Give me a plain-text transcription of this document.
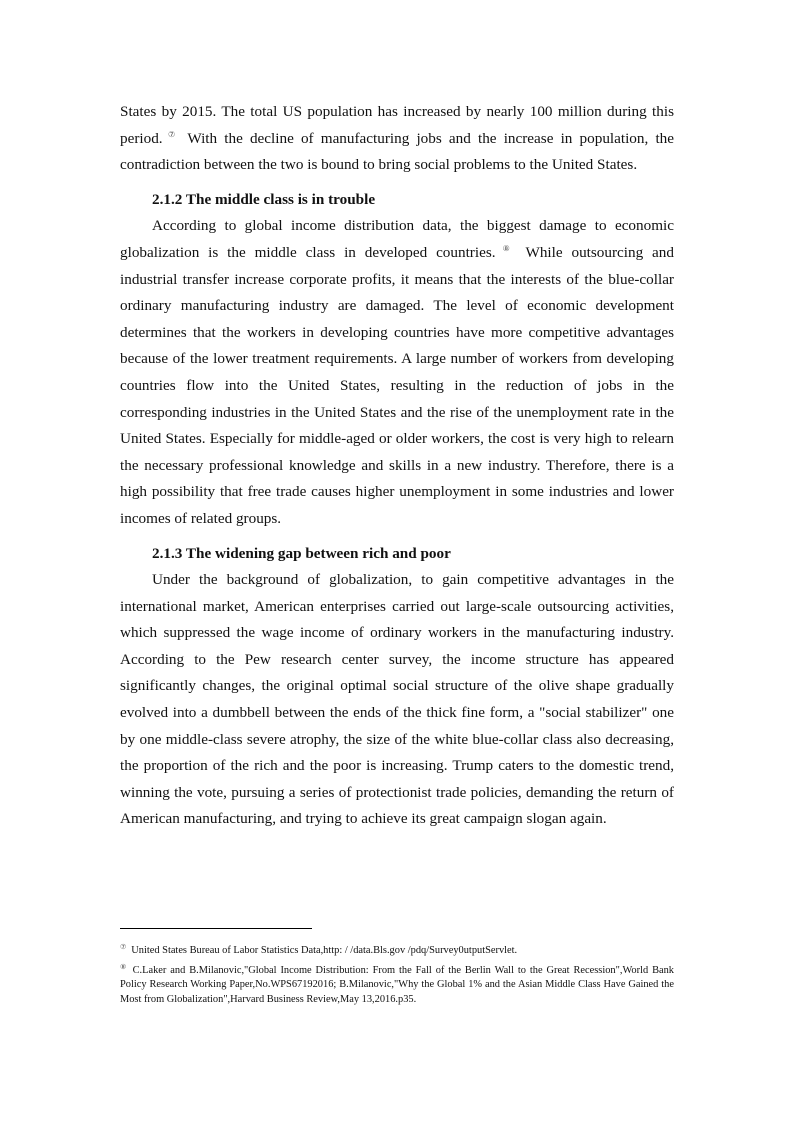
States by 2015. The total US population has increased by nearly 100 million during this period. ⑦ With the decline of manufacturing jobs and the increase in population, the contradiction between the two is bound to bring social problems to the United States.

2.1.2 The middle class is in trouble

According to global income distribution data, the biggest damage to economic globalization is the middle class in developed countries. ⑧ While outsourcing and industrial transfer increase corporate profits, it means that the interests of the blue-collar ordinary manufacturing industry are damaged. The level of economic development determines that the workers in developing countries have more competitive advantages because of the lower treatment requirements. A large number of workers from developing countries flow into the United States, resulting in the reduction of jobs in the corresponding industries in the United States and the rise of the unemployment rate in the United States. Especially for middle-aged or older workers, the cost is very high to relearn the necessary professional knowledge and skills in a new industry. Therefore, there is a high possibility that free trade causes higher unemployment in some industries and lower incomes of related groups.

2.1.3 The widening gap between rich and poor

Under the background of globalization, to gain competitive advantages in the international market, American enterprises carried out large-scale outsourcing activities, which suppressed the wage income of ordinary workers in the manufacturing industry. According to the Pew research center survey, the income structure has appeared significantly changes, the original optimal social structure of the olive shape gradually evolved into a dumbbell between the ends of the thick fine form, a "social stabilizer" one by one middle-class severe atrophy, the size of the white blue-collar class also decreasing, the proportion of the rich and the poor is increasing. Trump caters to the domestic trend, winning the vote, pursuing a series of protectionist trade policies, demanding the return of American manufacturing, and trying to achieve its great campaign slogan again.

⑦ United States Bureau of Labor Statistics Data,http: / /data.Bls.gov /pdq/Survey0utputServlet.

⑧ C.Laker and B.Milanovic,"Global Income Distribution: From the Fall of the Berlin Wall to the Great Recession",World Bank Policy Research Working Paper,No.WPS67192016; B.Milanovic,"Why the Global 1% and the Asian Middle Class Have Gained the Most from Globalization",Harvard Business Review,May 13,2016.p35.
